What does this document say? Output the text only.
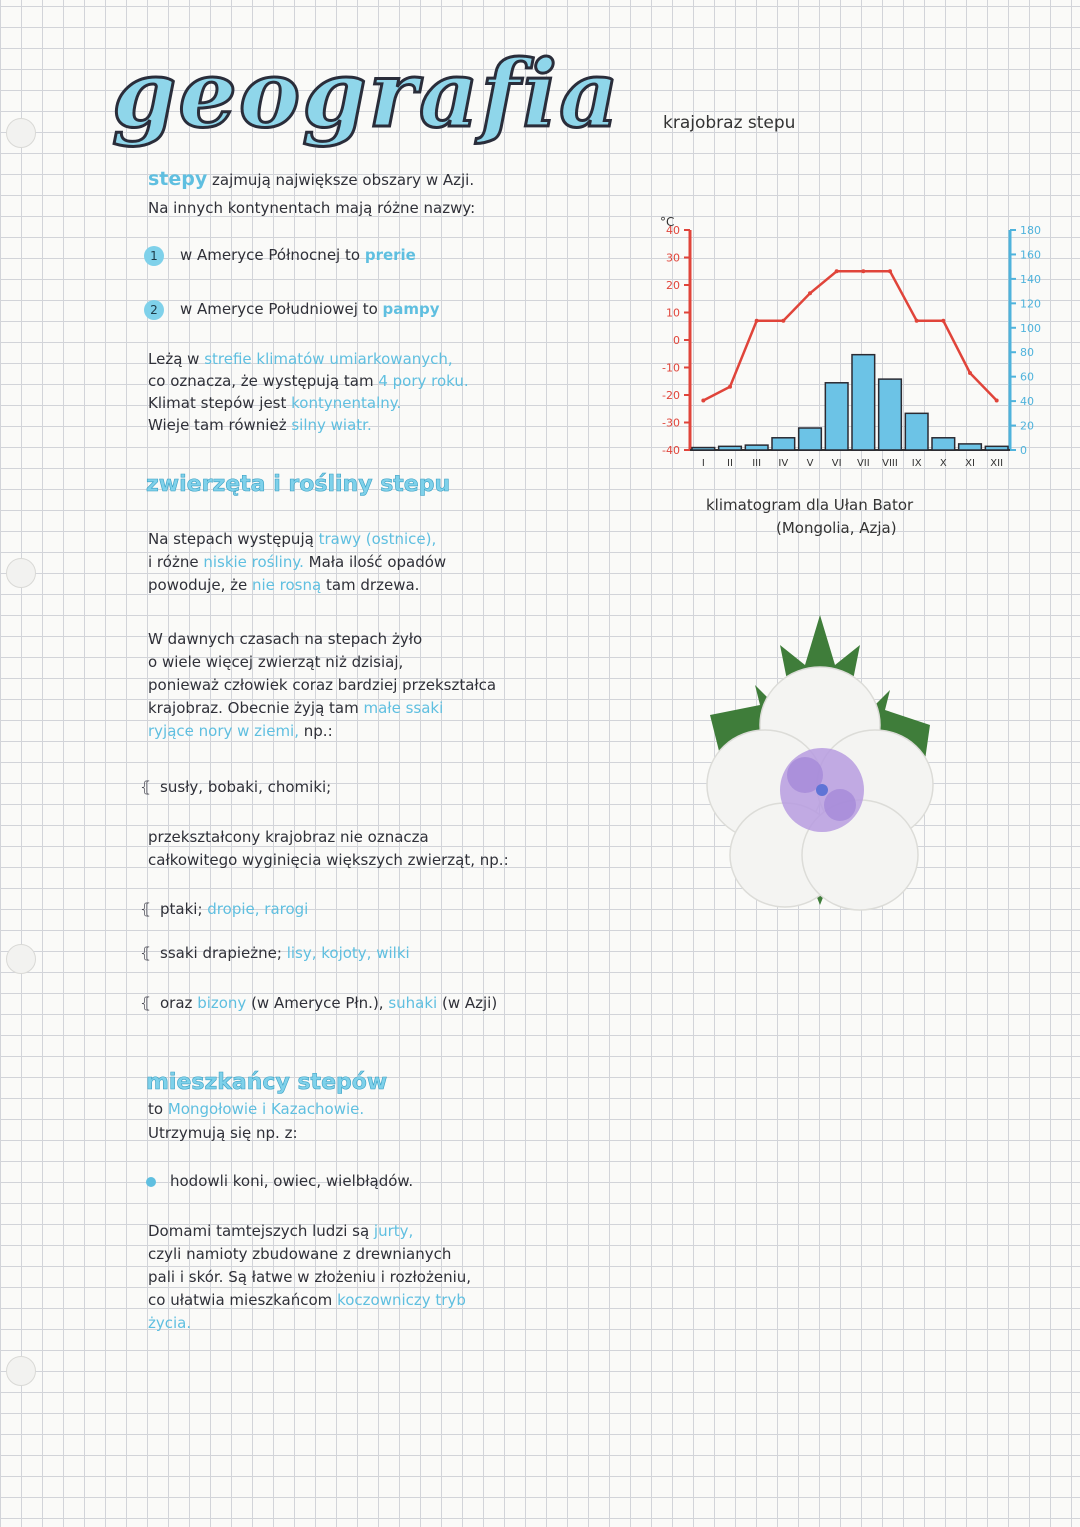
geografia krajobraz stepu
stepy zajmują największe obszary w Azji.
Na innych kontynentach mają różne nazwy:
1 w Ameryce Północnej to prerie
2 w Ameryce Południowej to pampy
Leżą w strefie klimatów umiarkowanych,
co oznacza, że występują tam 4 pory roku.
Klimat stepów jest kontynentalny.
Wieje tam również silny wiatr.
zwierzęta i rośliny stepu
Na stepach występują trawy (ostnice),
i różne niskie rośliny. Mała ilość opadów
powoduje, że nie rosną tam drzewa.
W dawnych czasach na stepach żyło
o wiele więcej zwierząt niż dzisiaj,
ponieważ człowiek coraz bardziej przekształca
krajobraz. Obecnie żyją tam małe ssaki
ryjące nory w ziemi, np.:
⦃ susły, bobaki, chomiki;
przekształcony krajobraz nie oznacza
całkowitego wyginięcia większych zwierząt, np.:
⦃ ptaki; dropie, rarogi
⦃ ssaki drapieżne; lisy, kojoty, wilki
⦃ oraz bizony (w Ameryce Płn.), suhaki (w Azji)
mieszkańcy stepów
to Mongołowie i Kazachowie.
Utrzymują się np. z:
hodowli koni, owiec, wielbłądów.
Domami tamtejszych ludzi są jurty,
czyli namioty zbudowane z drewnianych
pali i skór. Są łatwe w złożeniu i rozłożeniu,
co ułatwia mieszkańcom koczowniczy tryb
życia.
°C
40
30
20
10
0
-10
-20
-30
-40
180
160
140
120
100
80
60
40
20
0
I II III IV V VI VII VIII IX X XI XII
klimatogram dla Ułan Bator
(Mongolia, Azja)
